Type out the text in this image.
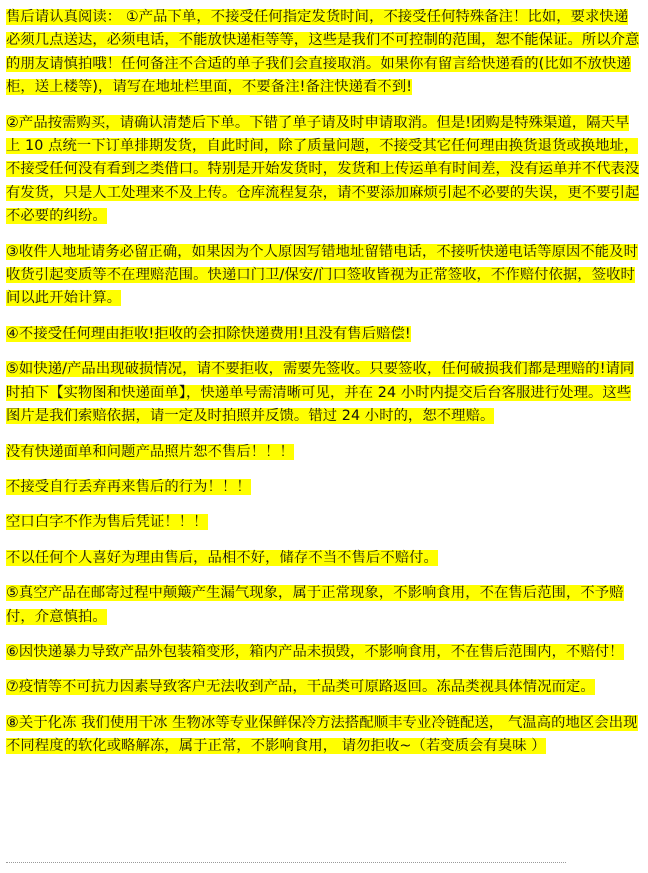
售后请认真阅读： ①产品下单，不接受任何指定发货时间，不接受任何特殊备注！比如，要求快递必须几点送达，必须电话，不能放快递柜等等，这些是我们不可控制的范围，恕不能保证。所以介意的朋友请慎拍哦！任何备注不合适的单子我们会直接取消。如果你有留言给快递看的(比如不放快递柜，送上楼等)，请写在地址栏里面，不要备注!备注快递看不到!

②产品按需购买，请确认清楚后下单。下错了单子请及时申请取消。但是!团购是特殊渠道，隔天早上 10 点统一下订单排期发货，自此时间，除了质量问题，不接受其它任何理由换货退货或换地址，不接受任何没有看到之类借口。特别是开始发货时，发货和上传运单有时间差，没有运单并不代表没有发货，只是人工处理来不及上传。仓库流程复杂，请不要添加麻烦引起不必要的失误，更不要引起不必要的纠纷。

③收件人地址请务必留正确，如果因为个人原因写错地址留错电话，不接听快递电话等原因不能及时收货引起变质等不在理赔范围。快递口门卫/保安/门口签收皆视为正常签收，不作赔付依据，签收时间以此开始计算。

④不接受任何理由拒收!拒收的会扣除快递费用!且没有售后赔偿!

⑤如快递/产品出现破损情况，请不要拒收，需要先签收。只要签收，任何破损我们都是理赔的!请同时拍下【实物图和快递面单】，快递单号需清晰可见，并在 24 小时内提交后台客服进行处理。这些图片是我们索赔依据，请一定及时拍照并反馈。错过 24 小时的，恕不理赔。

没有快递面单和问题产品照片恕不售后！！！

不接受自行丢弃再来售后的行为！！！

空口白字不作为售后凭证！！！

不以任何个人喜好为理由售后，品相不好，储存不当不售后不赔付。

⑤真空产品在邮寄过程中颠簸产生漏气现象，属于正常现象，不影响食用，不在售后范围，不予赔付，介意慎拍。

⑥因快递暴力导致产品外包装箱变形，箱内产品未损毁，不影响食用，不在售后范围内，不赔付！

⑦疫情等不可抗力因素导致客户无法收到产品，干品类可原路返回。冻品类视具体情况而定。

⑧关于化冻 我们使用干冰 生物冰等专业保鲜保冷方法搭配顺丰专业冷链配送， 气温高的地区会出现不同程度的软化或略解冻，属于正常，不影响食用， 请勿拒收~（若变质会有臭味 ）
